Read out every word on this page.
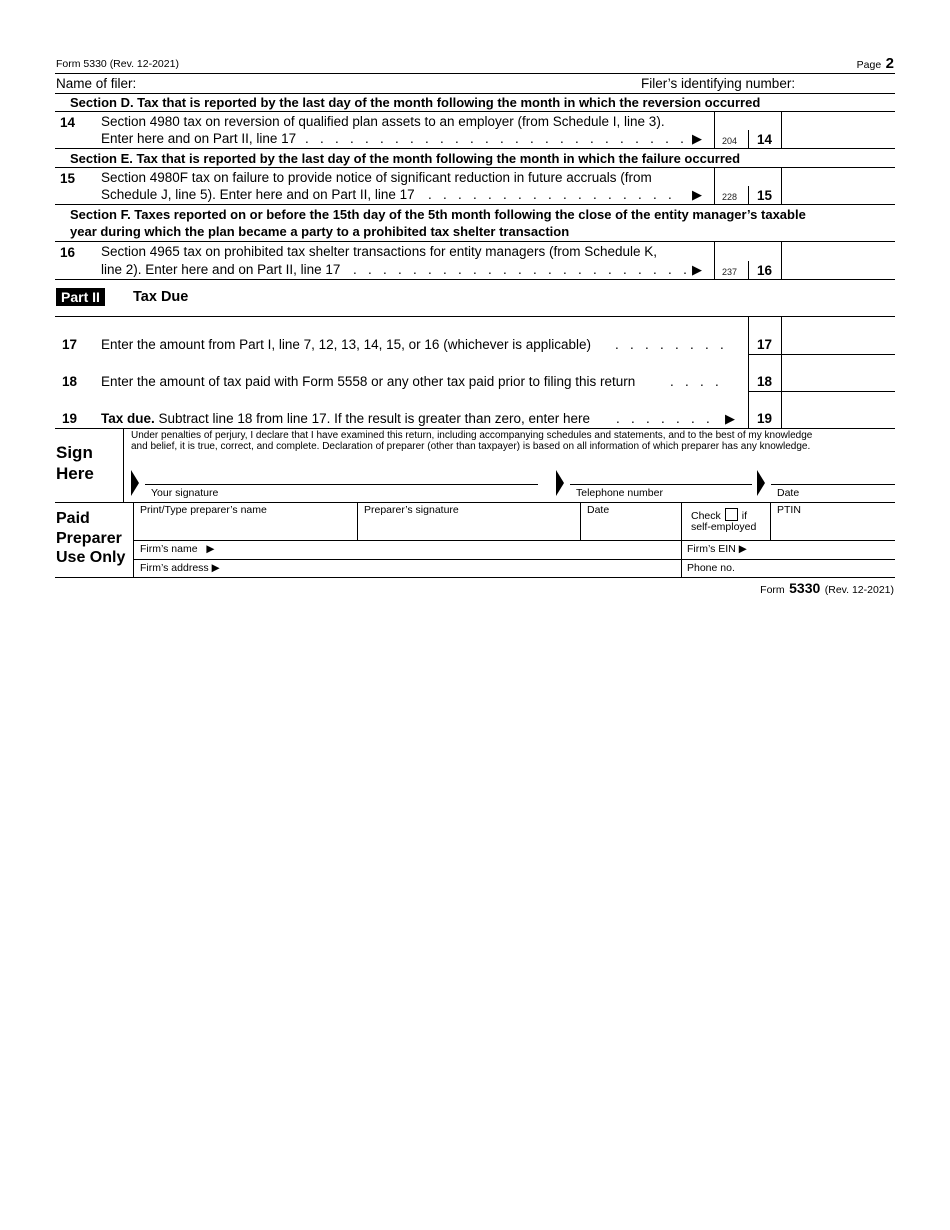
Form 5330 (Rev. 12-2021)	Page 2
Name of filer:	Filer’s identifying number:
Section D. Tax that is reported by the last day of the month following the month in which the reversion occurred
14 Section 4980 tax on reversion of qualified plan assets to an employer (from Schedule I, line 3).
Enter here and on Part II, line 17 .   .   .   .   .   .   .   .   .   .   .   .   .   .   .   .   .   .   .   .   .   .   .   .   .   . ▶ 204 14
Section E. Tax that is reported by the last day of the month following the month in which the failure occurred
15 Section 4980F tax on failure to provide notice of significant reduction in future accruals (from
Schedule J, line 5). Enter here and on Part II, line 17 .   .   .   .   .   .   .   .   .   .   .   .   .   .   .   .   . ▶ 228 15
Section F. Taxes reported on or before the 15th day of the 5th month following the close of the entity manager’s taxable
year during which the plan became a party to a prohibited tax shelter transaction
16 Section 4965 tax on prohibited tax shelter transactions for entity managers (from Schedule K,
line 2). Enter here and on Part II, line 17 .   .   .   .   .   .   .   .   .   .   .   .   .   .   .   .   .   .   .   .   .   .   . ▶ 237 16
Part II	Tax Due
17 Enter the amount from Part I, line 7, 12, 13, 14, 15, or 16 (whichever is applicable) .   .   .   .   .   .   .   . 17
18 Enter the amount of tax paid with Form 5558 or any other tax paid prior to filing this return	.   .   .   .	18
19 Tax due. Subtract line 18 from line 17. If the result is greater than zero, enter here .   .   .   .   .   .   . ▶ 19
Sign
Here
Under penalties of perjury, I declare that I have examined this return, including accompanying schedules and statements, and to the best of my knowledge
and belief, it is true, correct, and complete. Declaration of preparer (other than taxpayer) is based on all information of which preparer has any knowledge.
Your signature	Telephone number	Date
Paid
Preparer
Use Only
Print/Type preparer’s name	Preparer’s signature	Date	Check if
self-employed
PTIN
Firm’s name ▶	Firm’s EIN ▶
Firm’s address ▶	Phone no.
Form 5330 (Rev. 12-2021)
